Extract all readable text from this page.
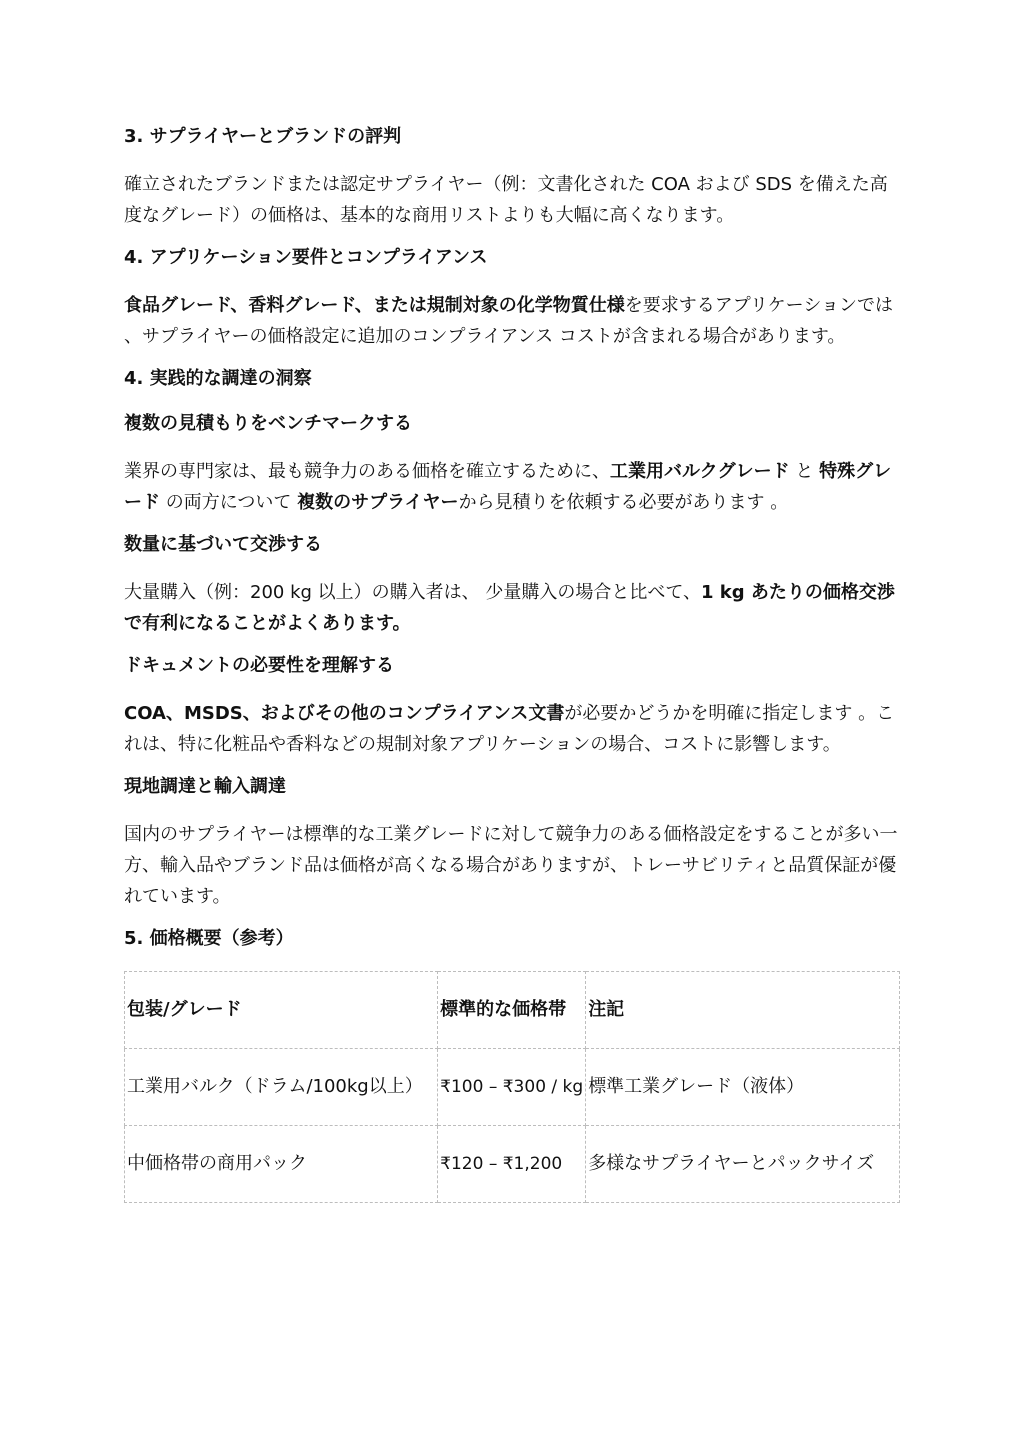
3. サプライヤーとブランドの評判
確立されたブランドまたは認定サプライヤー（例：文書化された COA および SDS を備えた高度なグレード）の価格は、基本的な商用リストよりも大幅に高くなります。
4. アプリケーション要件とコンプライアンス
食品グレード、香料グレード、または規制対象の化学物質仕様を要求するアプリケーションでは 、サプライヤーの価格設定に追加のコンプライアンス コストが含まれる場合があります。
4. 実践的な調達の洞察
複数の見積もりをベンチマークする
業界の専門家は、最も競争力のある価格を確立するために、工業用バルクグレード と 特殊グレード の両方について 複数のサプライヤーから見積りを依頼する必要があります 。
数量に基づいて交渉する
大量購入（例：200 kg 以上）の購入者は、 少量購入の場合と比べて、1 kg あたりの価格交渉で有利になることがよくあります。
ドキュメントの必要性を理解する
COA、MSDS、およびその他のコンプライアンス文書が必要かどうかを明確に指定します 。これは、特に化粧品や香料などの規制対象アプリケーションの場合、コストに影響します。
現地調達と輸入調達
国内のサプライヤーは標準的な工業グレードに対して競争力のある価格設定をすることが多い一方、輸入品やブランド品は価格が高くなる場合がありますが、トレーサビリティと品質保証が優れています。
5. 価格概要（参考）
包装/グレード	標準的な価格帯	注記
工業用バルク（ドラム/100kg以上）	₹100 – ₹300 / kg	標準工業グレード（液体）
中価格帯の商用パック	₹120 – ₹1,200	多様なサプライヤーとパックサイズ
